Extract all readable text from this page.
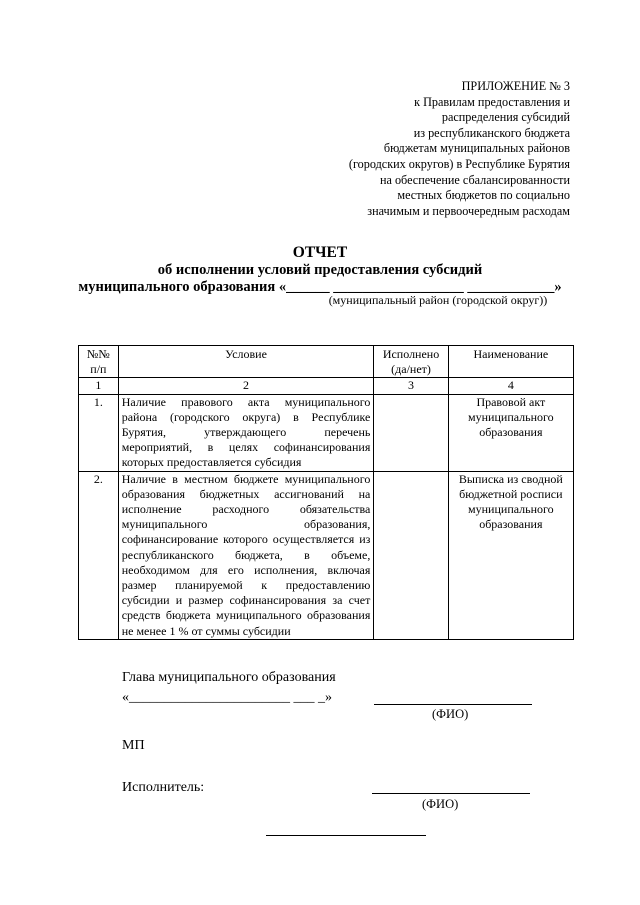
ПРИЛОЖЕНИЕ № 3
к Правилам предоставления и
распределения субсидий
из республиканского бюджета
бюджетам муниципальных районов
(городских округов) в Республике Бурятия
на обеспечение сбалансированности
местных бюджетов по социально
значимым и первоочередным расходам
ОТЧЕТ
об исполнении условий предоставления субсидий
муниципального образования «______ __________________ ____________»
(муниципальный район (городской округ))
№№ п/п	Условие	Исполнено (да/нет)	Наименование
1	2	3	4
1.	Наличие правового акта муниципального района (городского округа) в Республике Бурятия, утверждающего перечень мероприятий, в целях софинансирования которых предоставляется субсидия		Правовой акт муниципального образования
2.	Наличие в местном бюджете муниципального образования бюджетных ассигнований на исполнение расходного обязательства муниципального образования, софинансирование которого осуществляется из республиканского бюджета, в объеме, необходимом для его исполнения, включая размер планируемой к предоставлению субсидии и размер софинансирования за счет средств бюджета муниципального образования не менее 1 % от суммы субсидии		Выписка из сводной бюджетной росписи муниципального образования
Глава муниципального образования
«_______________________ ___ _»
(ФИО)
МП
Исполнитель:
(ФИО)
